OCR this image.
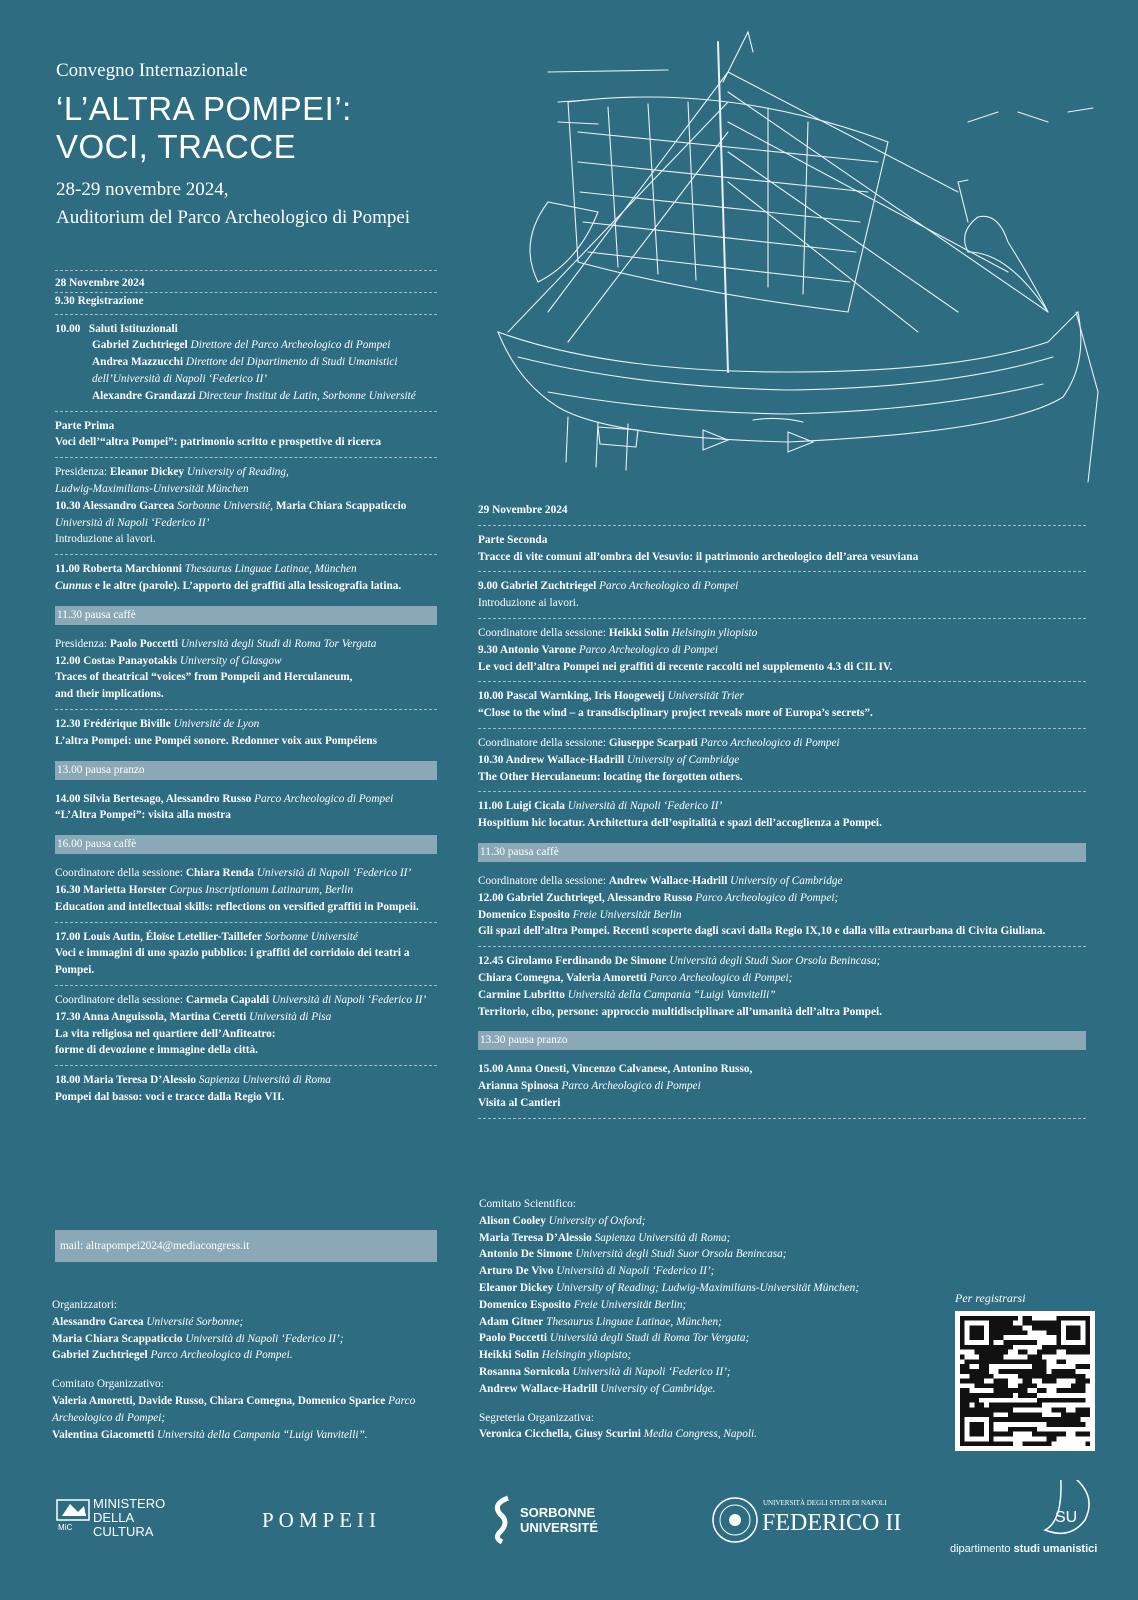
Convegno Internazionale
‘L’ALTRA POMPEI’:
VOCI, TRACCE
28-29 novembre 2024,
Auditorium del Parco Archeologico di Pompei

28 Novembre 2024

9.30 Registrazione

10.00 Saluti Istituzionali

Gabriel Zuchtriegel Direttore del Parco Archeologico di Pompei

Andrea Mazzucchi Direttore del Dipartimento di Studi Umanistici

dell’Università di Napoli ‘Federico II’

Alexandre Grandazzi Directeur Institut de Latin, Sorbonne Université

Parte Prima

Voci dell’“altra Pompei”: patrimonio scritto e prospettive di ricerca

Presidenza: Eleanor Dickey University of Reading,

Ludwig-Maximilians-Universität München

10.30 Alessandro Garcea Sorbonne Université, Maria Chiara Scappaticcio

Università di Napoli ‘Federico II’

Introduzione ai lavori.

11.00 Roberta Marchionni Thesaurus Linguae Latinae, München

Cunnus e le altre (parole). L’apporto dei graffiti alla lessicografia latina.

11.30 pausa caffè

Presidenza: Paolo Poccetti Università degli Studi di Roma Tor Vergata

12.00 Costas Panayotakis University of Glasgow

Traces of theatrical “voices” from Pompeii and Herculaneum,

and their implications.

12.30 Frédérique Biville Université de Lyon

L’altra Pompei: une Pompéi sonore. Redonner voix aux Pompéiens

13.00 pausa pranzo

14.00 Silvia Bertesago, Alessandro Russo Parco Archeologico di Pompei

“L’Altra Pompei”: visita alla mostra

16.00 pausa caffè

Coordinatore della sessione: Chiara Renda Università di Napoli ‘Federico II’

16.30 Marietta Horster Corpus Inscriptionum Latinarum, Berlin

Education and intellectual skills: reflections on versified graffiti in Pompeii.

17.00 Louis Autin, Éloïse Letellier-Taillefer Sorbonne Université

Voci e immagini di uno spazio pubblico: i graffiti del corridoio dei teatri a Pompei.

Coordinatore della sessione: Carmela Capaldi Università di Napoli ‘Federico II’

17.30 Anna Anguissola, Martina Ceretti Università di Pisa

La vita religiosa nel quartiere dell’Anfiteatro:

forme di devozione e immagine della città.

18.00 Maria Teresa D’Alessio Sapienza Università di Roma

Pompei dal basso: voci e tracce dalla Regio VII.

mail: altrapompei2024@mediacongress.it

Organizzatori:

Alessandro Garcea Université Sorbonne;

Maria Chiara Scappaticcio Università di Napoli ‘Federico II’;

Gabriel Zuchtriegel Parco Archeologico di Pompei.

Comitato Organizzativo:

Valeria Amoretti, Davide Russo, Chiara Comegna, Domenico Sparice Parco

Archeologico di Pompei;

Valentina Giacometti Università della Campania “Luigi Vanvitelli”.

29 Novembre 2024

Parte Seconda

Tracce di vite comuni all’ombra del Vesuvio: il patrimonio archeologico dell’area vesuviana

9.00 Gabriel Zuchtriegel Parco Archeologico di Pompei

Introduzione ai lavori.

Coordinatore della sessione: Heikki Solin Helsingin yliopisto

9.30 Antonio Varone Parco Archeologico di Pompei

Le voci dell’altra Pompei nei graffiti di recente raccolti nel supplemento 4.3 di CIL IV.

10.00 Pascal Warnking, Iris Hoogeweij Universität Trier

“Close to the wind – a transdisciplinary project reveals more of Europa’s secrets”.

Coordinatore della sessione: Giuseppe Scarpati Parco Archeologico di Pompei

10.30 Andrew Wallace-Hadrill University of Cambridge

The Other Herculaneum: locating the forgotten others.

11.00 Luigi Cicala Università di Napoli ‘Federico II’

Hospitium hic locatur. Architettura dell’ospitalità e spazi dell’accoglienza a Pompei.

11.30 pausa caffè

Coordinatore della sessione: Andrew Wallace-Hadrill University of Cambridge

12.00 Gabriel Zuchtriegel, Alessandro Russo Parco Archeologico di Pompei;

Domenico Esposito Freie Universität Berlin

Gli spazi dell’altra Pompei. Recenti scoperte dagli scavi dalla Regio IX,10 e dalla villa extraurbana di Civita Giuliana.

12.45 Girolamo Ferdinando De Simone Università degli Studi Suor Orsola Benincasa;

Chiara Comegna, Valeria Amoretti Parco Archeologico di Pompei;

Carmine Lubritto Università della Campania “Luigi Vanvitelli”

Territorio, cibo, persone: approccio multidisciplinare all’umanità dell’altra Pompei.

13.30 pausa pranzo

15.00 Anna Onesti, Vincenzo Calvanese, Antonino Russo,

Arianna Spinosa Parco Archeologico di Pompei

Visita al Cantieri

Comitato Scientifico:

Alison Cooley University of Oxford;

Maria Teresa D’Alessio Sapienza Università di Roma;

Antonio De Simone Università degli Studi Suor Orsola Benincasa;

Arturo De Vivo Università di Napoli ‘Federico II’;

Eleanor Dickey University of Reading; Ludwig-Maximilians-Universität München;

Domenico Esposito Freie Universität Berlin;

Adam Gitner Thesaurus Linguae Latinae, München;

Paolo Poccetti Università degli Studi di Roma Tor Vergata;

Heikki Solin Helsingin yliopisto;

Rosanna Sornicola Università di Napoli ‘Federico II’;

Andrew Wallace-Hadrill University of Cambridge.

Segreteria Organizzativa:

Veronica Cicchella, Giusy Scurini Media Congress, Napoli.

Per registrarsi
MiC
MINISTERO
DELLA
CULTURA	POMPEII	SORBONNE
UNIVERSITÉ
UNIVERSITÀ DEGLI STUDI DI NAPOLI
FEDERICO II	SU
dipartimento studi umanistici
